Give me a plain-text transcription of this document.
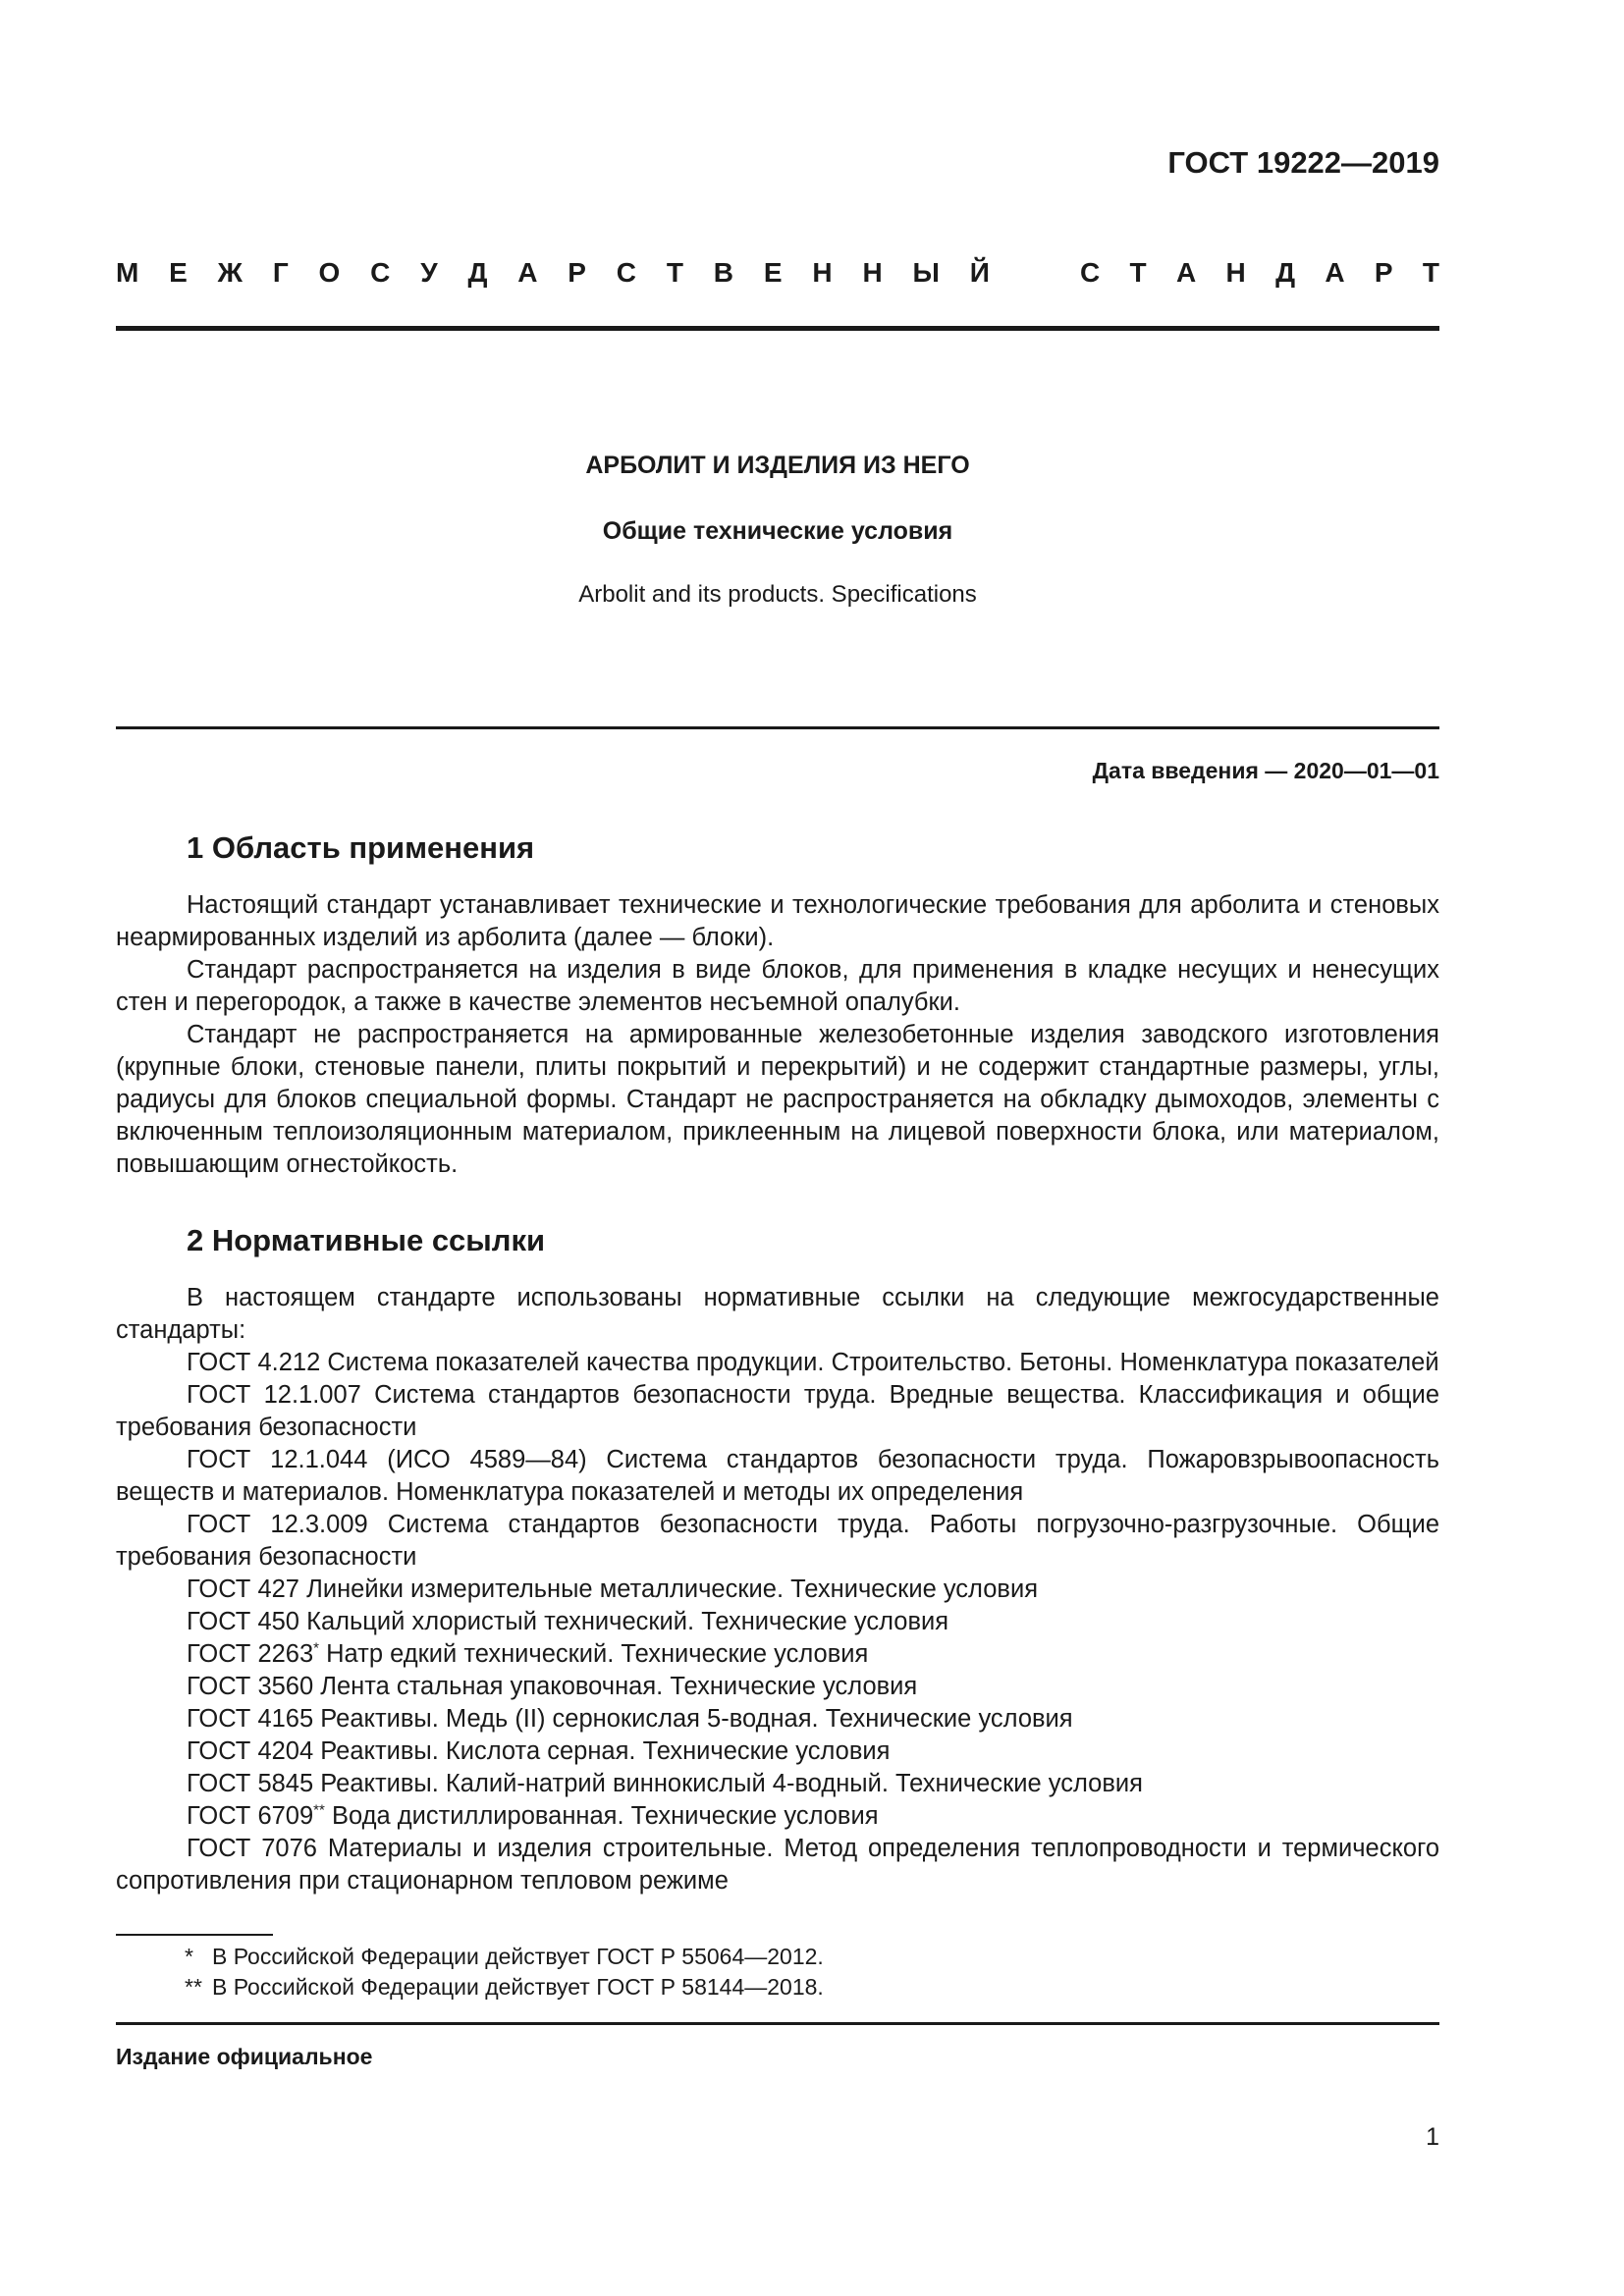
ГОСТ 19222—2019
М Е Ж Г О С У Д А Р С Т В Е Н Н Ы Й	С Т А Н Д А Р Т
АРБОЛИТ И ИЗДЕЛИЯ ИЗ НЕГО
Общие технические условия
Arbolit and its products. Specifications
Дата введения — 2020—01—01
1 Область применения

Настоящий стандарт устанавливает технические и технологические требования для арболита и стеновых неармированных изделий из арболита (далее — блоки).

Стандарт распространяется на изделия в виде блоков, для применения в кладке несущих и ненесущих стен и перегородок, а также в качестве элементов несъемной опалубки.

Стандарт не распространяется на армированные железобетонные изделия заводского изготовления (крупные блоки, стеновые панели, плиты покрытий и перекрытий) и не содержит стандартные размеры, углы, радиусы для блоков специальной формы. Стандарт не распространяется на обкладку дымоходов, элементы с включенным теплоизоляционным материалом, приклеенным на лицевой поверхности блока, или материалом, повышающим огнестойкость.

2 Нормативные ссылки

В настоящем стандарте использованы нормативные ссылки на следующие межгосударственные стандарты:

ГОСТ 4.212 Система показателей качества продукции. Строительство. Бетоны. Номенклатура показателей

ГОСТ 12.1.007 Система стандартов безопасности труда. Вредные вещества. Классификация и общие требования безопасности

ГОСТ 12.1.044 (ИСО 4589—84) Система стандартов безопасности труда. Пожаровзрывоопасность веществ и материалов. Номенклатура показателей и методы их определения

ГОСТ 12.3.009 Система стандартов безопасности труда. Работы погрузочно-разгрузочные. Общие требования безопасности

ГОСТ 427 Линейки измерительные металлические. Технические условия

ГОСТ 450 Кальций хлористый технический. Технические условия

ГОСТ 2263* Натр едкий технический. Технические условия

ГОСТ 3560 Лента стальная упаковочная. Технические условия

ГОСТ 4165 Реактивы. Медь (II) сернокислая 5-водная. Технические условия

ГОСТ 4204 Реактивы. Кислота серная. Технические условия

ГОСТ 5845 Реактивы. Калий-натрий виннокислый 4-водный. Технические условия

ГОСТ 6709** Вода дистиллированная. Технические условия

ГОСТ 7076 Материалы и изделия строительные. Метод определения теплопроводности и термического сопротивления при стационарном тепловом режиме

* В Российской Федерации действует ГОСТ Р 55064—2012.

** В Российской Федерации действует ГОСТ Р 58144—2018.

Издание официальное
1
